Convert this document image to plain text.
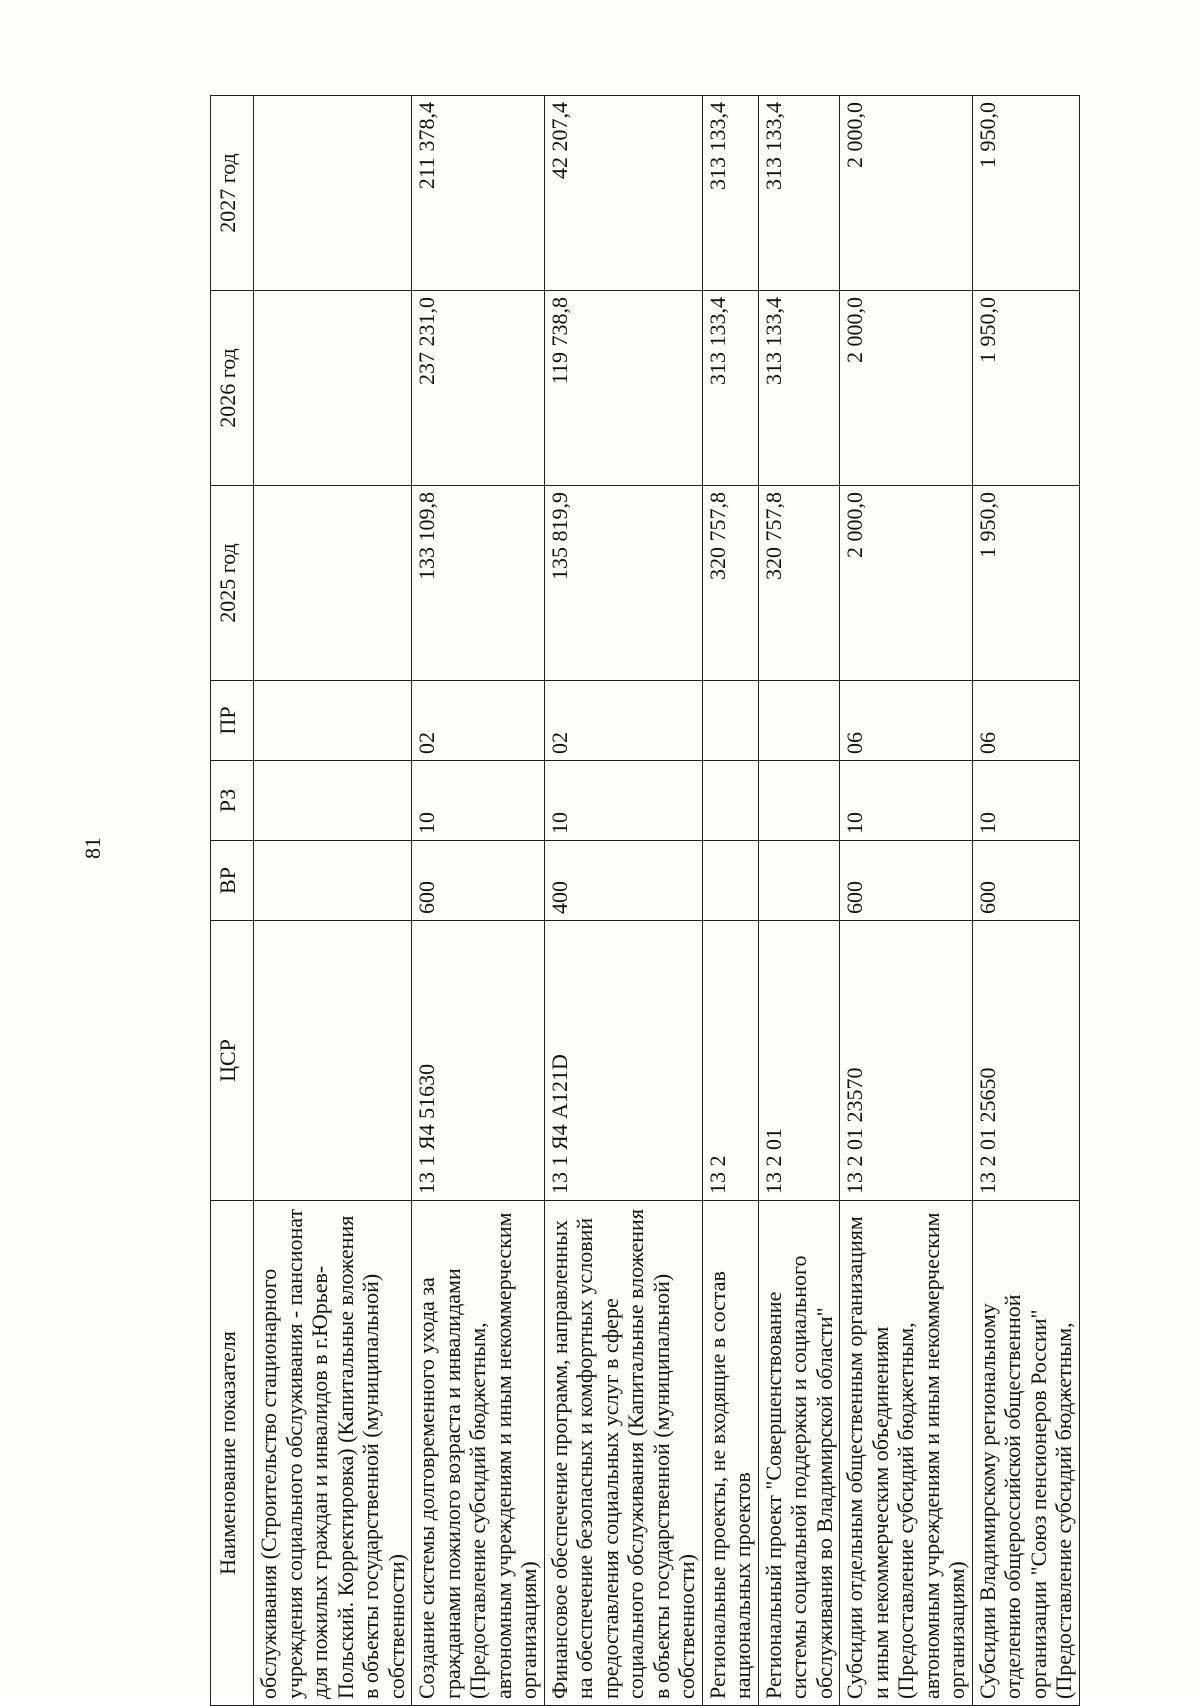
81
Наименование показателя	ЦСР	ВР	РЗ	ПР	2025 год	2026 год	2027 год
обслуживания (Строительство стационарного учреждения социального обслуживания - пансионат для пожилых граждан и инвалидов в г.Юрьев-Польский. Корректировка) (Капитальные вложения в объекты государственной (муниципальной) собственности)							
Создание системы долговременного ухода за гражданами пожилого возраста и инвалидами (Предоставление субсидий бюджетным, автономным учреждениям и иным некоммерческим организациям)	13 1 Я4 51630	600	10	02	133 109,8	237 231,0	211 378,4
Финансовое обеспечение программ, направленных на обеспечение безопасных и комфортных условий предоставления социальных услуг в сфере социального обслуживания (Капитальные вложения в объекты государственной (муниципальной) собственности)	13 1 Я4 А121D	400	10	02	135 819,9	119 738,8	42 207,4
Региональные проекты, не входящие в состав национальных проектов	13 2				320 757,8	313 133,4	313 133,4
Региональный проект "Совершенствование системы социальной поддержки и социального обслуживания во Владимирской области"	13 2 01				320 757,8	313 133,4	313 133,4
Субсидии отдельным общественным организациям и иным некоммерческим объединениям (Предоставление субсидий бюджетным, автономным учреждениям и иным некоммерческим организациям)	13 2 01 23570	600	10	06	2 000,0	2 000,0	2 000,0
Субсидии Владимирскому региональному отделению общероссийской общественной организации "Союз пенсионеров России" (Предоставление субсидий бюджетным,	13 2 01 25650	600	10	06	1 950,0	1 950,0	1 950,0
